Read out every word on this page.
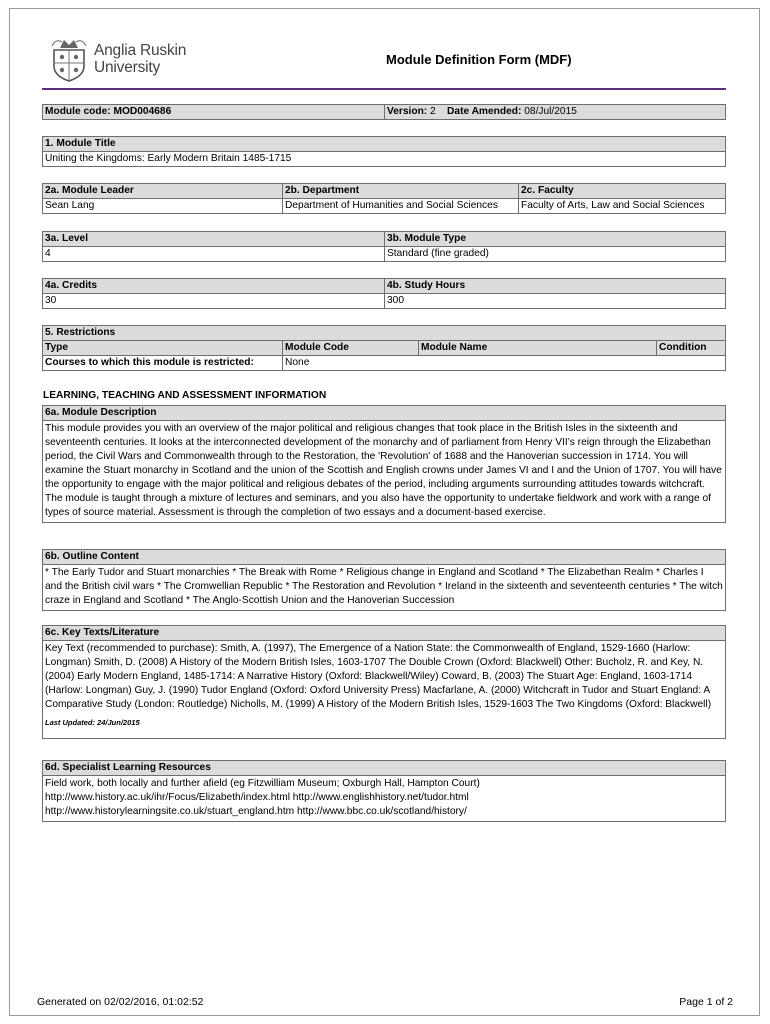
Anglia Ruskin
University	Module Definition Form (MDF)
Module code: MOD004686	Version: 2 Date Amended: 08/Jul/2015
1. Module Title
Uniting the Kingdoms: Early Modern Britain 1485-1715
2a. Module Leader	2b. Department	2c. Faculty
Sean Lang	Department of Humanities and Social Sciences	Faculty of Arts, Law and Social Sciences
3a. Level	3b. Module Type
4	Standard (fine graded)
4a. Credits	4b. Study Hours
30	300
5. Restrictions			
Type	Module Code	Module Name	Condition
Courses to which this module is restricted:	None		
LEARNING, TEACHING AND ASSESSMENT INFORMATION
6a. Module Description
This module provides you with an overview of the major political and religious changes that took place in the British Isles in the sixteenth and seventeenth centuries. It looks at the interconnected development of the monarchy and of parliament from Henry VII’s reign through the Elizabethan period, the Civil Wars and Commonwealth through to the Restoration, the 'Revolution' of 1688 and the Hanoverian succession in 1714. You will examine the Stuart monarchy in Scotland and the union of the Scottish and English crowns under James VI and I and the Union of 1707. You will have the opportunity to engage with the major political and religious debates of the period, including arguments surrounding attitudes towards witchcraft. The module is taught through a mixture of lectures and seminars, and you also have the opportunity to undertake fieldwork and work with a range of types of source material. Assessment is through the completion of two essays and a document-based exercise.
6b. Outline Content
* The Early Tudor and Stuart monarchies * The Break with Rome * Religious change in England and Scotland * The Elizabethan Realm * Charles I and the British civil wars * The Cromwellian Republic * The Restoration and Revolution * Ireland in the sixteenth and seventeenth centuries * The witch craze in England and Scotland * The Anglo-Scottish Union and the Hanoverian Succession
6c. Key Texts/Literature
Key Text (recommended to purchase): Smith, A. (1997), The Emergence of a Nation State: the Commonwealth of England, 1529-1660 (Harlow: Longman) Smith, D. (2008) A History of the Modern British Isles, 1603-1707 The Double Crown (Oxford: Blackwell) Other: Bucholz, R. and Key, N. (2004) Early Modern England, 1485-1714: A Narrative History (Oxford: Blackwell/Wiley) Coward, B. (2003) The Stuart Age: England, 1603-1714 (Harlow: Longman) Guy, J. (1990) Tudor England (Oxford: Oxford University Press) Macfarlane, A. (2000) Witchcraft in Tudor and Stuart England: A Comparative Study (London: Routledge) Nicholls, M. (1999) A History of the Modern British Isles, 1529-1603 The Two Kingdoms (Oxford: Blackwell)
Last Updated: 24/Jun/2015
6d. Specialist Learning Resources

Field work, both locally and further afield (eg Fitzwilliam Museum; Oxburgh Hall, Hampton Court)
http://www.history.ac.uk/ihr/Focus/Elizabeth/index.html http://www.englishhistory.net/tudor.html
http://www.historylearningsite.co.uk/stuart_england.htm http://www.bbc.co.uk/scotland/history/
Generated on 02/02/2016, 01:02:52	Page 1 of 2
